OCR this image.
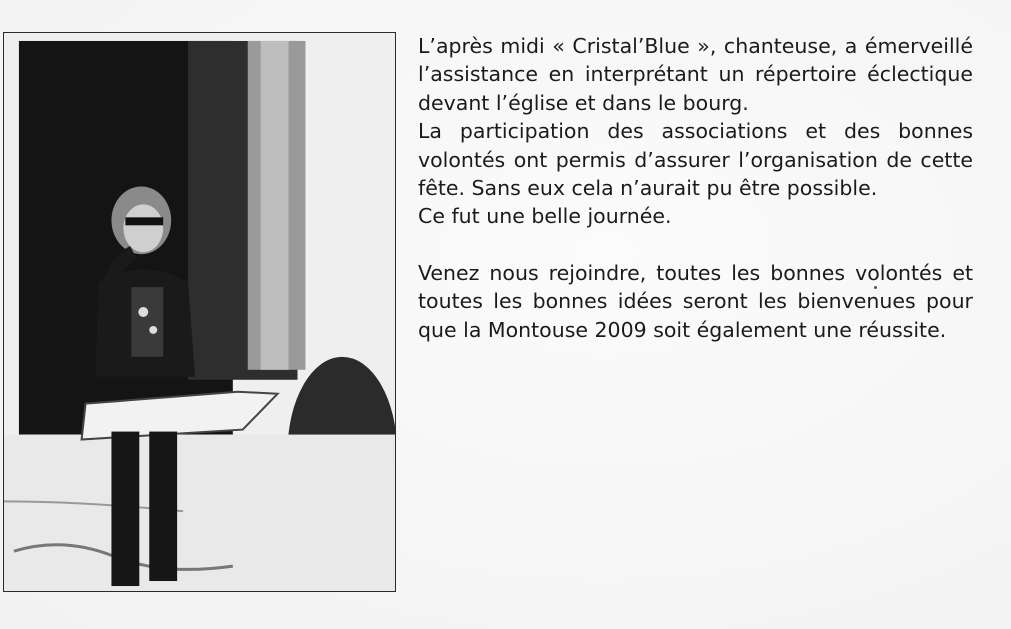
L’après midi « Cristal’Blue », chanteuse, a émerveillé l’assistance en interprétant un répertoire éclectique devant l’église et dans le bourg.

La participation des associations et des bonnes volontés ont permis d’assurer l’organisation de cette fête. Sans eux cela n’aurait pu être possible.

Ce fut une belle journée.

Venez nous rejoindre, toutes les bonnes volontés et toutes les bonnes idées seront les bienvenues pour que la Montouse 2009 soit également une réussite.
